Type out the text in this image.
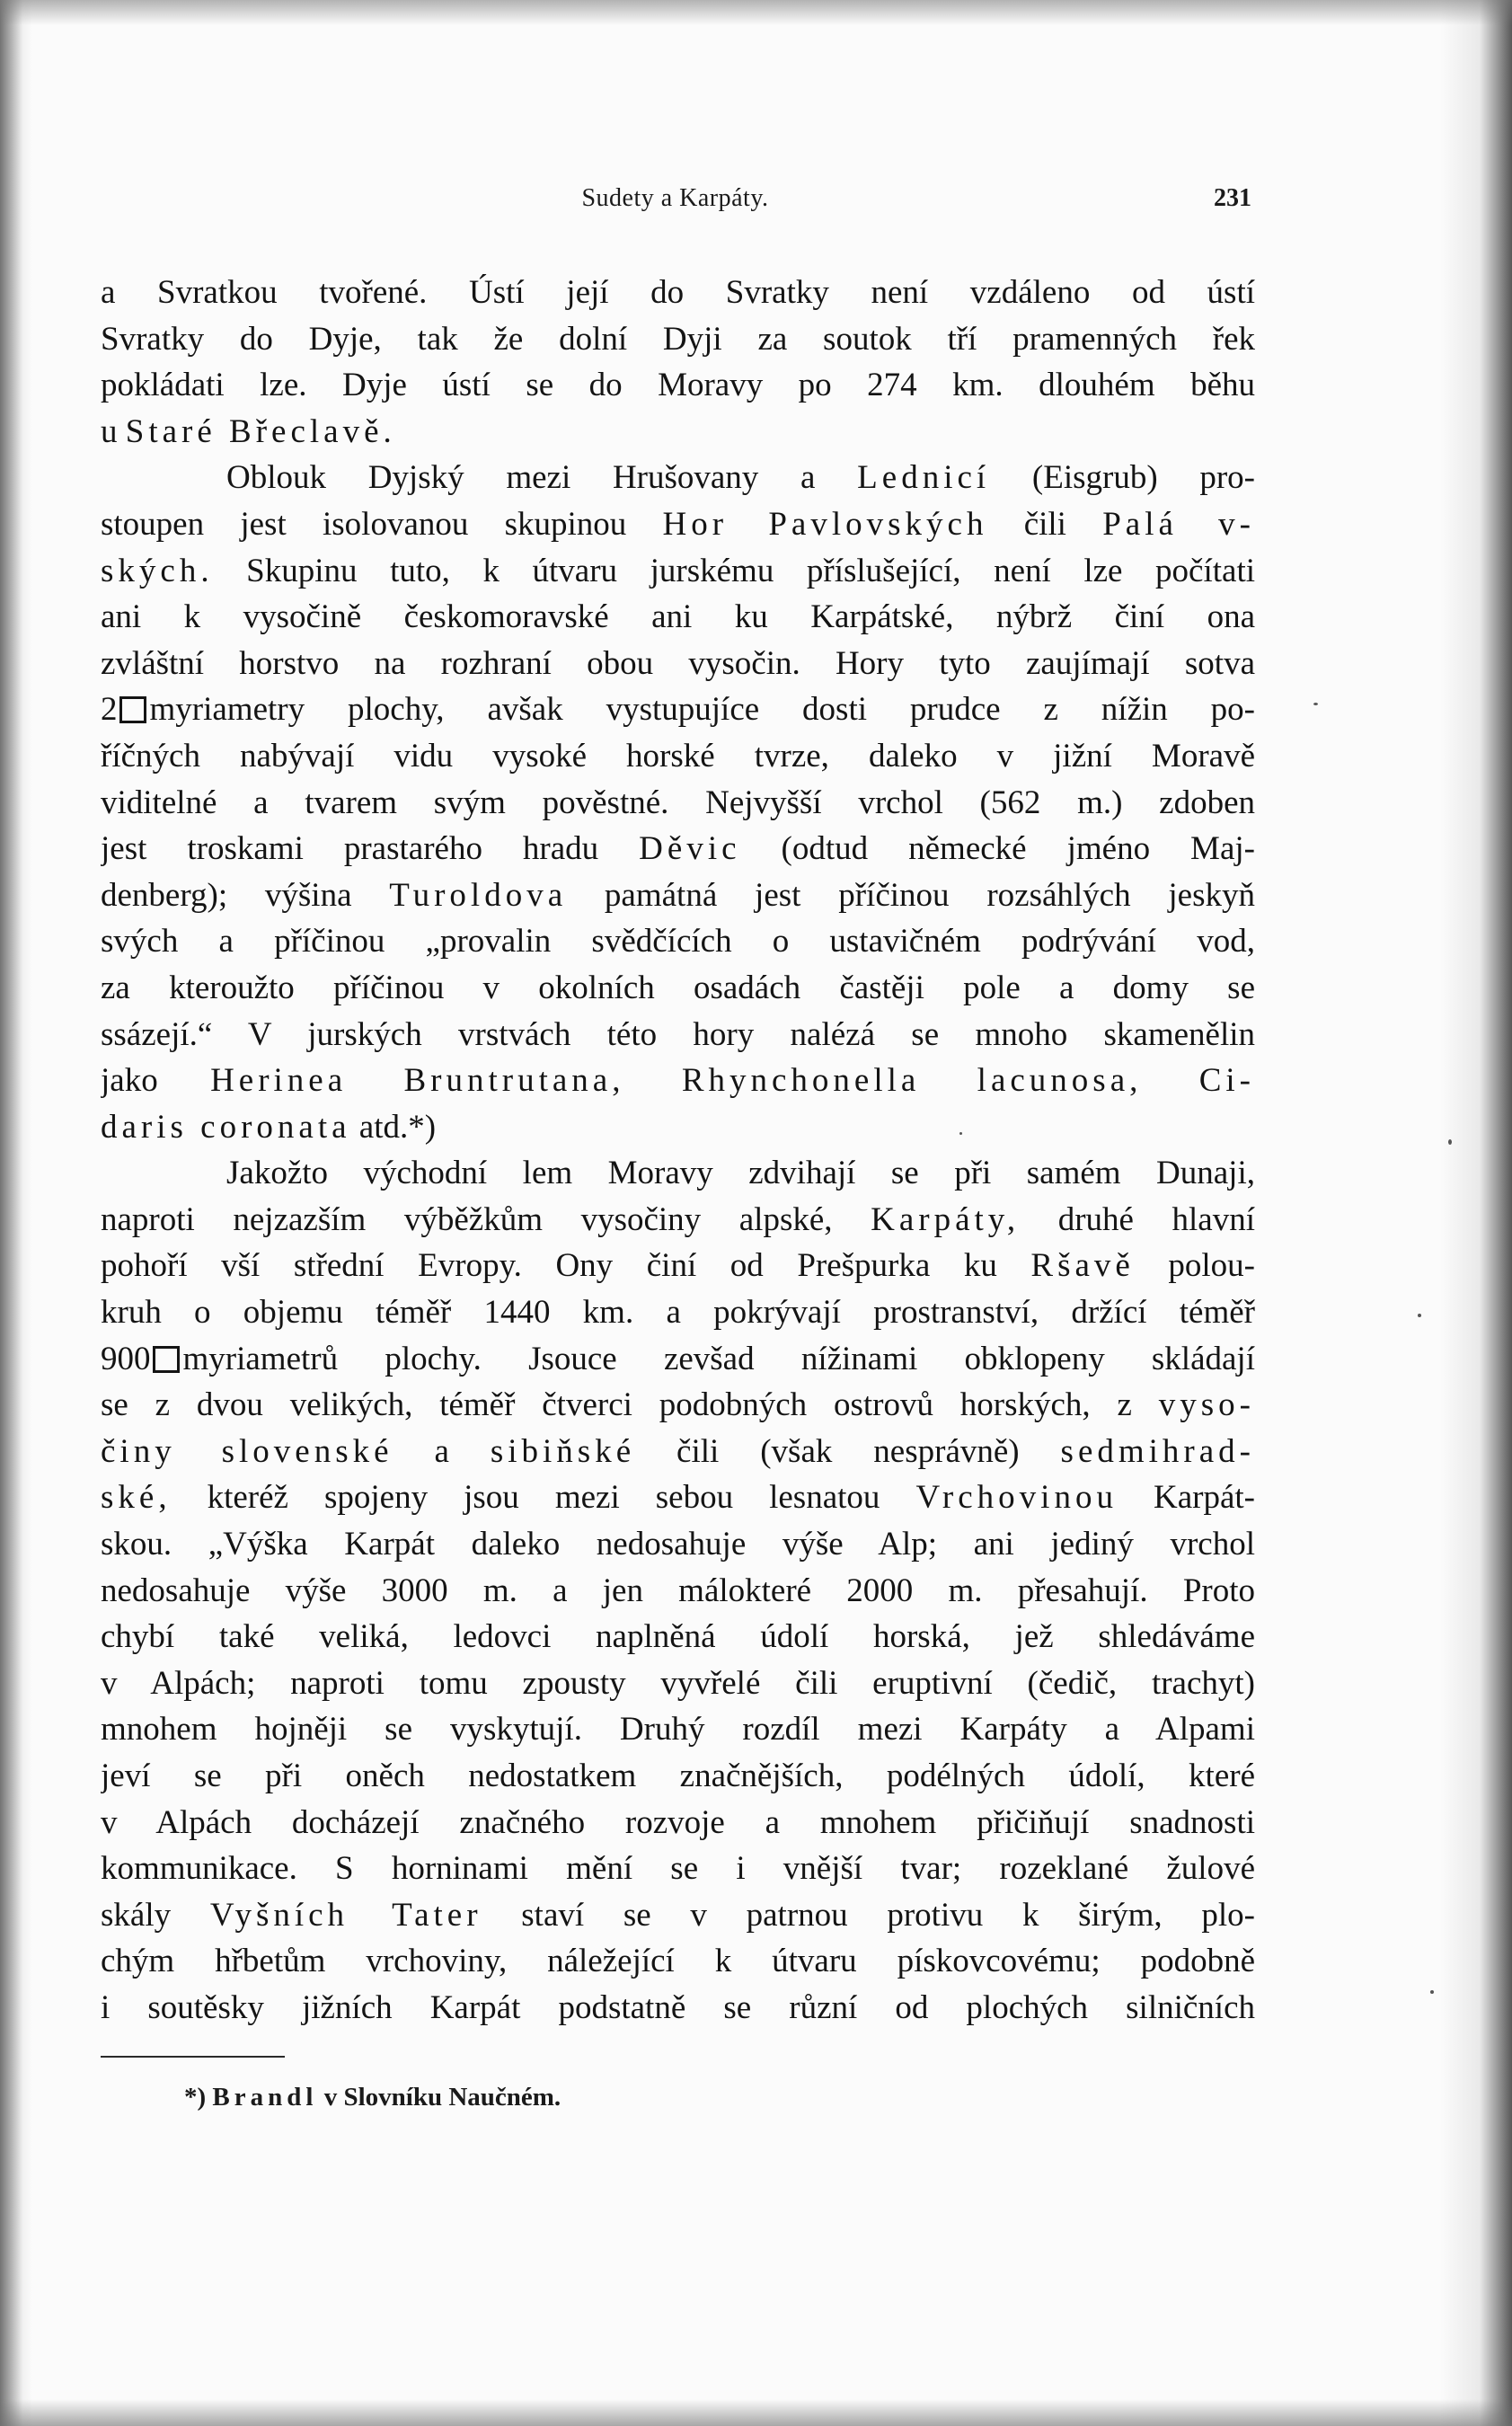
Sudety a Karpáty.	231
a Svratkou tvořené. Ústí její do Svratky není vzdáleno od ústí
Svratky do Dyje, tak že dolní Dyji za soutok tří pramenných řek
pokládati lze. Dyje ústí se do Moravy po 274 km. dlouhém běhu
u Staré Břeclavě.
Oblouk Dyjský mezi Hrušovany a Lednicí (Eisgrub) pro-
stoupen jest isolovanou skupinou Hor Pavlovských čili Palá v-
ských. Skupinu tuto, k útvaru jurskému příslušející, není lze počítati
ani k vysočině českomoravské ani ku Karpátské, nýbrž činí ona
zvláštní horstvo na rozhraní obou vysočin. Hory tyto zaujímají sotva
2 myriametry plochy, avšak vystupujíce dosti prudce z nížin po-
říčných nabývají vidu vysoké horské tvrze, daleko v jižní Moravě
viditelné a tvarem svým pověstné. Nejvyšší vrchol (562 m.) zdoben
jest troskami prastarého hradu Děvic (odtud německé jméno Maj-
denberg); výšina Turoldova památná jest příčinou rozsáhlých jeskyň
svých a příčinou „provalin svědčících o ustavičném podrývání vod,
za kteroužto příčinou v okolních osadách častěji pole a domy se
ssázejí.“ V jurských vrstvách této hory nalézá se mnoho skamenělin
jako Herinea Bruntrutana, Rhynchonella lacunosa, Ci-
daris coronata atd.*)
Jakožto východní lem Moravy zdvihají se při samém Dunaji,
naproti nejzazším výběžkům vysočiny alpské, Karpáty, druhé hlavní
pohoří vší střední Evropy. Ony činí od Prešpurka ku Ršavě polou-
kruh o objemu téměř 1440 km. a pokrývají prostranství, držící téměř
900 myriametrů plochy. Jsouce zevšad nížinami obklopeny skládají
se z dvou velikých, téměř čtverci podobných ostrovů horských, z vyso-
činy slovenské a sibiňské čili (však nesprávně) sedmihrad-
ské, kteréž spojeny jsou mezi sebou lesnatou Vrchovinou Karpát-
skou. „Výška Karpát daleko nedosahuje výše Alp; ani jediný vrchol
nedosahuje výše 3000 m. a jen málokteré 2000 m. přesahují. Proto
chybí také veliká, ledovci naplněná údolí horská, jež shledáváme
v Alpách; naproti tomu zpousty vyvřelé čili eruptivní (čedič, trachyt)
mnohem hojněji se vyskytují. Druhý rozdíl mezi Karpáty a Alpami
jeví se při oněch nedostatkem značnějších, podélných údolí, které
v Alpách docházejí značného rozvoje a mnohem přičiňují snadnosti
kommunikace. S horninami mění se i vnější tvar; rozeklané žulové
skály Vyšních Tater staví se v patrnou protivu k širým, plo-
chým hřbetům vrchoviny, náležející k útvaru pískovcovému; podobně
i soutěsky jižních Karpát podstatně se různí od plochých silničních
*) Brandl v Slovníku Naučném.
